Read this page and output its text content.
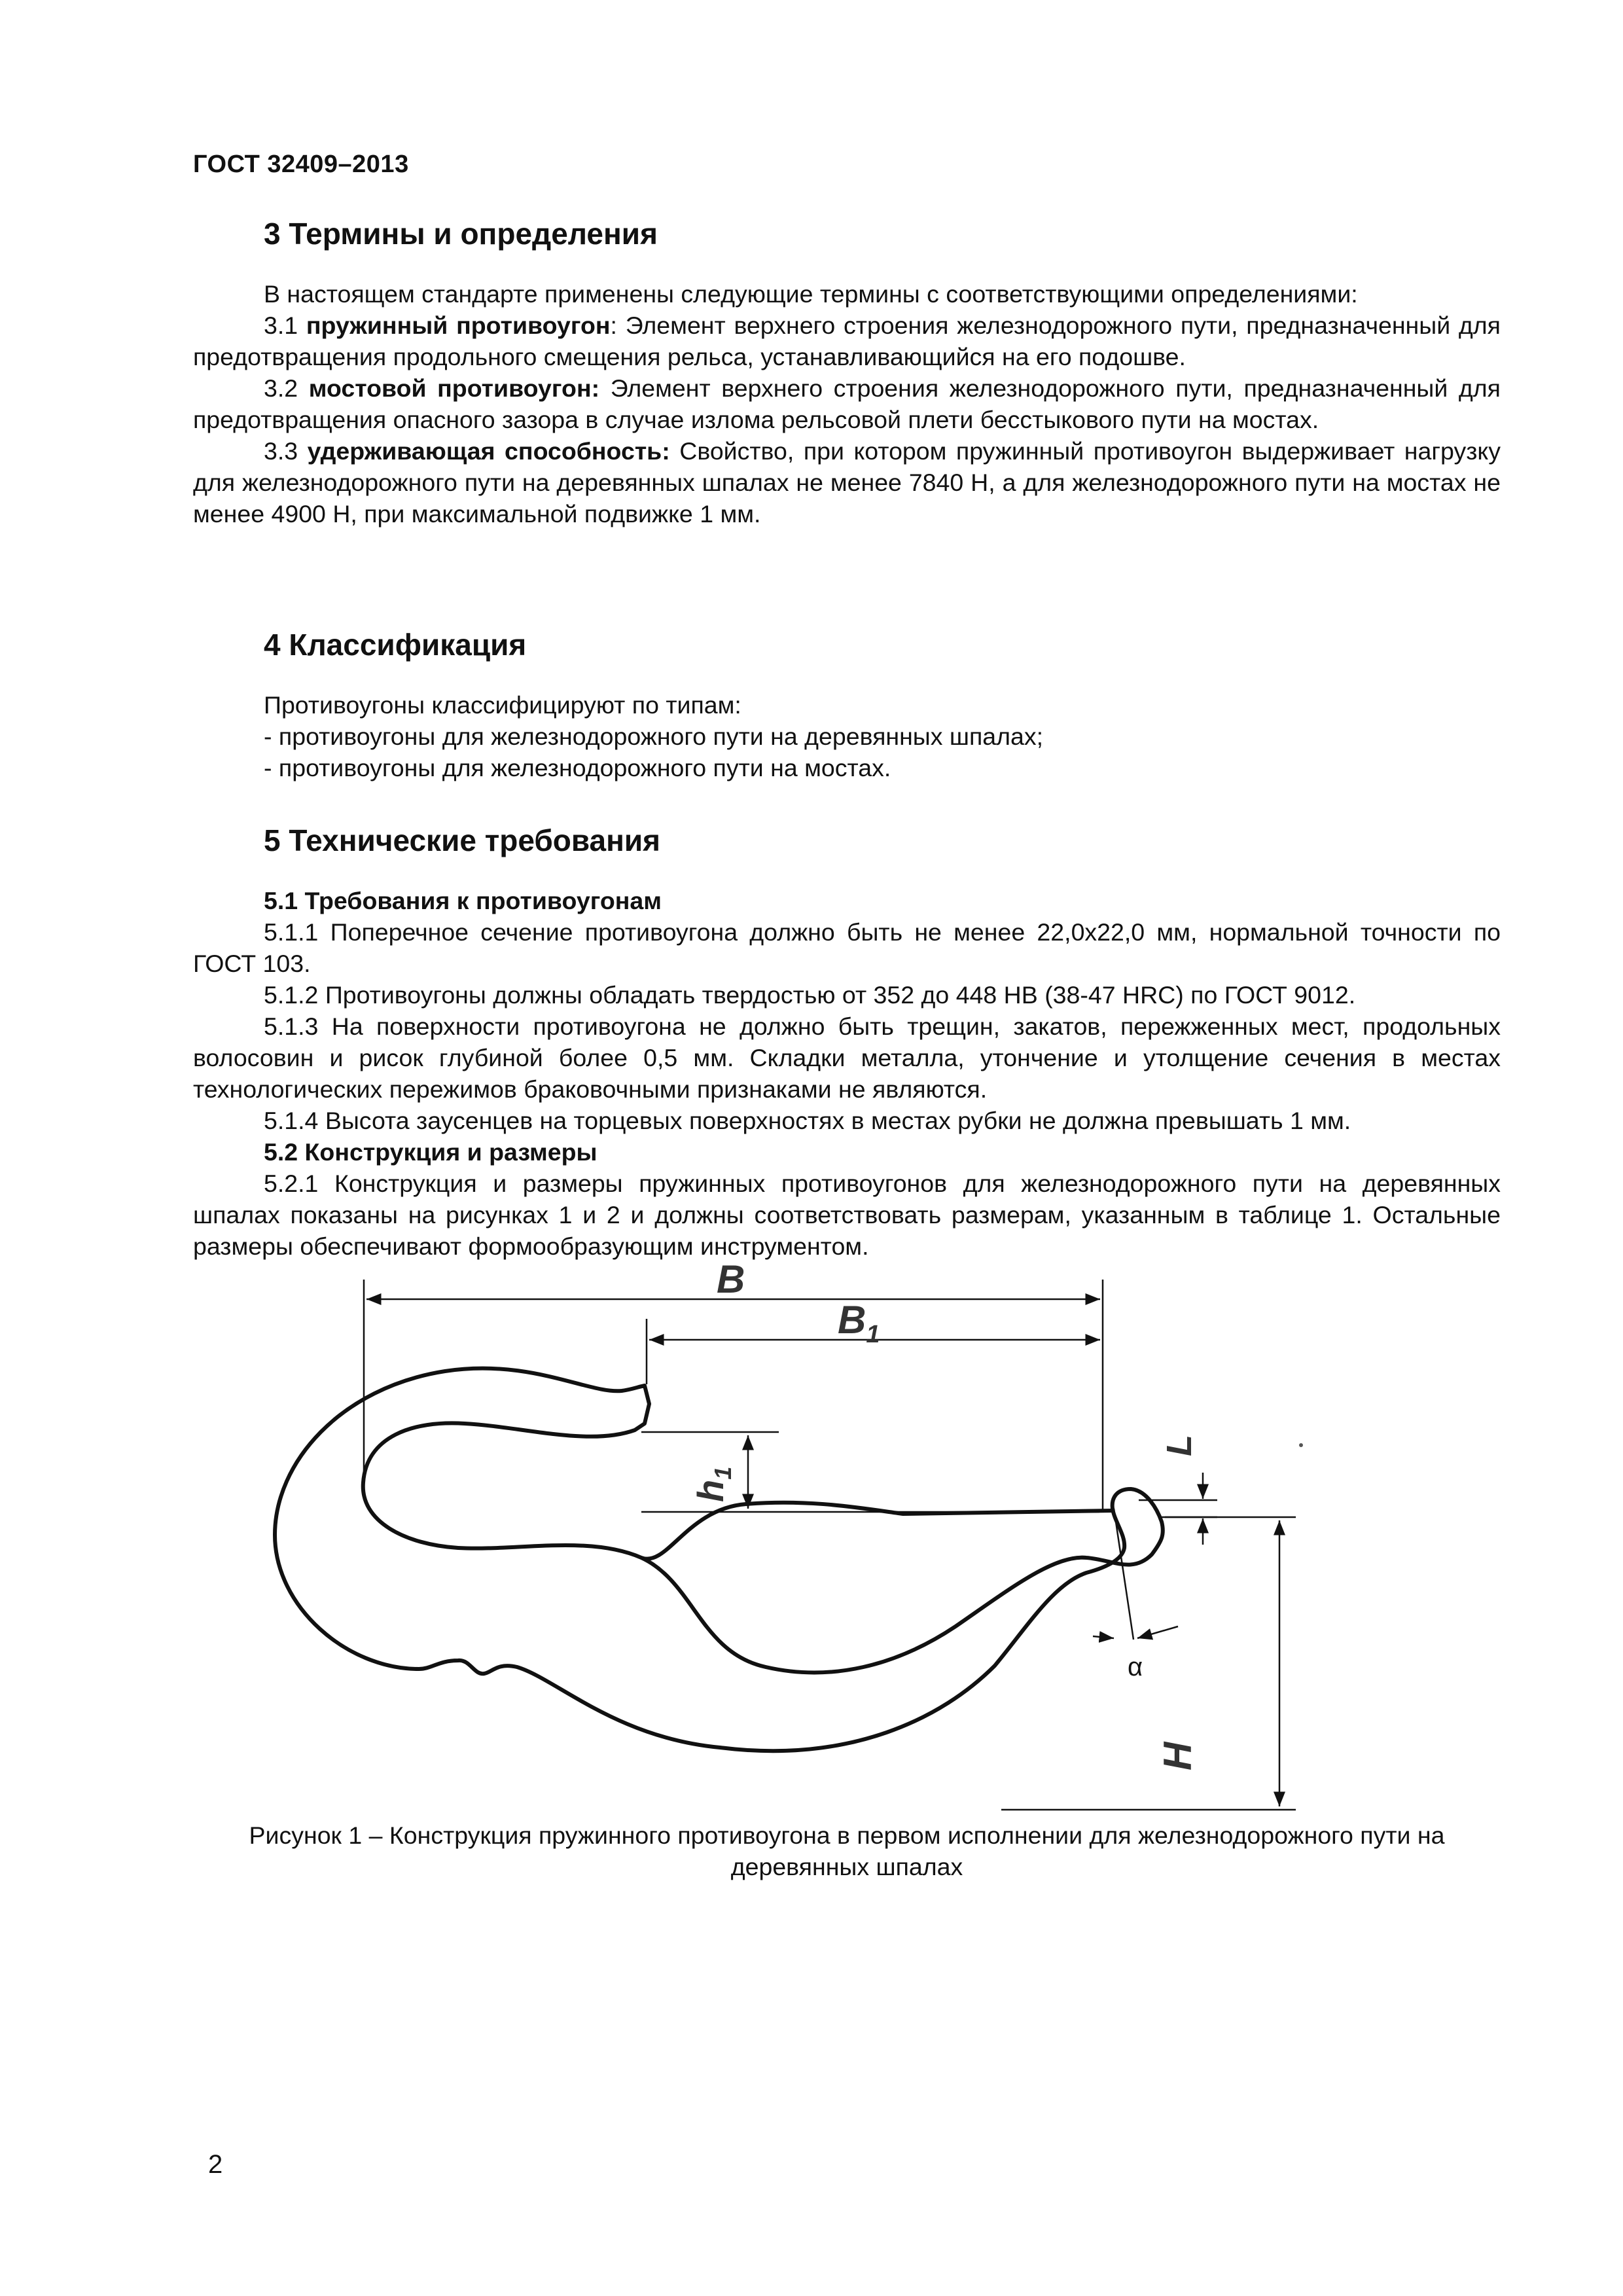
ГОСТ 32409–2013
3 Термины и определения

В настоящем стандарте применены следующие термины с соответствующими определениями:

3.1 пружинный противоугон: Элемент верхнего строения железнодорожного пути, предназначенный для предотвращения продольного смещения рельса, устанавливающийся на его подошве.

3.2 мостовой противоугон: Элемент верхнего строения железнодорожного пути, предназначенный для предотвращения опасного зазора в случае излома рельсовой плети бесстыкового пути на мостах.

3.3 удерживающая способность: Свойство, при котором пружинный противоугон выдерживает нагрузку для железнодорожного пути на деревянных шпалах не менее 7840 Н, а для железнодорожного пути на мостах не менее 4900 Н, при максимальной подвижке 1 мм.

4 Классификация

Противоугоны классифицируют по типам:

- противоугоны для железнодорожного пути на деревянных шпалах;

- противоугоны для железнодорожного пути на мостах.

5 Технические требования

5.1 Требования к противоугонам

5.1.1 Поперечное сечение противоугона должно быть не менее 22,0х22,0 мм, нормальной точности по ГОСТ 103.

5.1.2 Противоугоны должны обладать твердостью от 352 до 448 НВ (38-47 HRC) по ГОСТ 9012.

5.1.3 На поверхности противоугона не должно быть трещин, закатов, пережженных мест, продольных волосовин и рисок глубиной более 0,5 мм. Складки металла, утончение и утолщение сечения в местах технологических пережимов браковочными признаками не являются.

5.1.4 Высота заусенцев на торцевых поверхностях в местах рубки не должна превышать 1 мм.

5.2 Конструкция и размеры

5.2.1 Конструкция и размеры пружинных противоугонов для железнодорожного пути на деревянных шпалах показаны на рисунках 1 и 2 и должны соответствовать размерам, указанным в таблице 1. Остальные размеры обеспечивают формообразующим инструментом.

B
$B_1$
$h_1$
L
H
α
Рисунок 1 – Конструкция пружинного противоугона в первом исполнении для железнодорожного пути на деревянных шпалах
2
